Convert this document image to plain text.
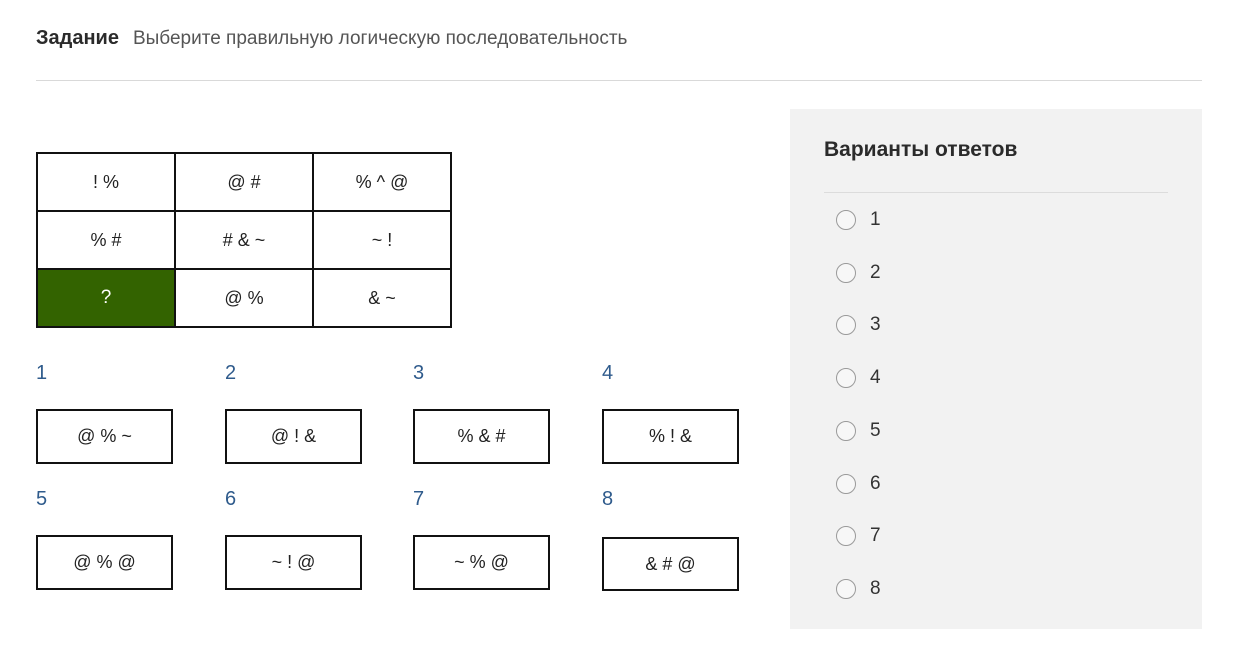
Задание Выберите правильную логическую последовательность
! %	@ #	% ^ @
% #	# & ~	~ !
?	@ %	& ~
1
@ % ~
2
@ ! &
3
% & #
4
% ! &
5
@ % @
6
~ ! @
7
~ % @
8
& # @
Варианты ответов
1
2
3
4
5
6
7
8
